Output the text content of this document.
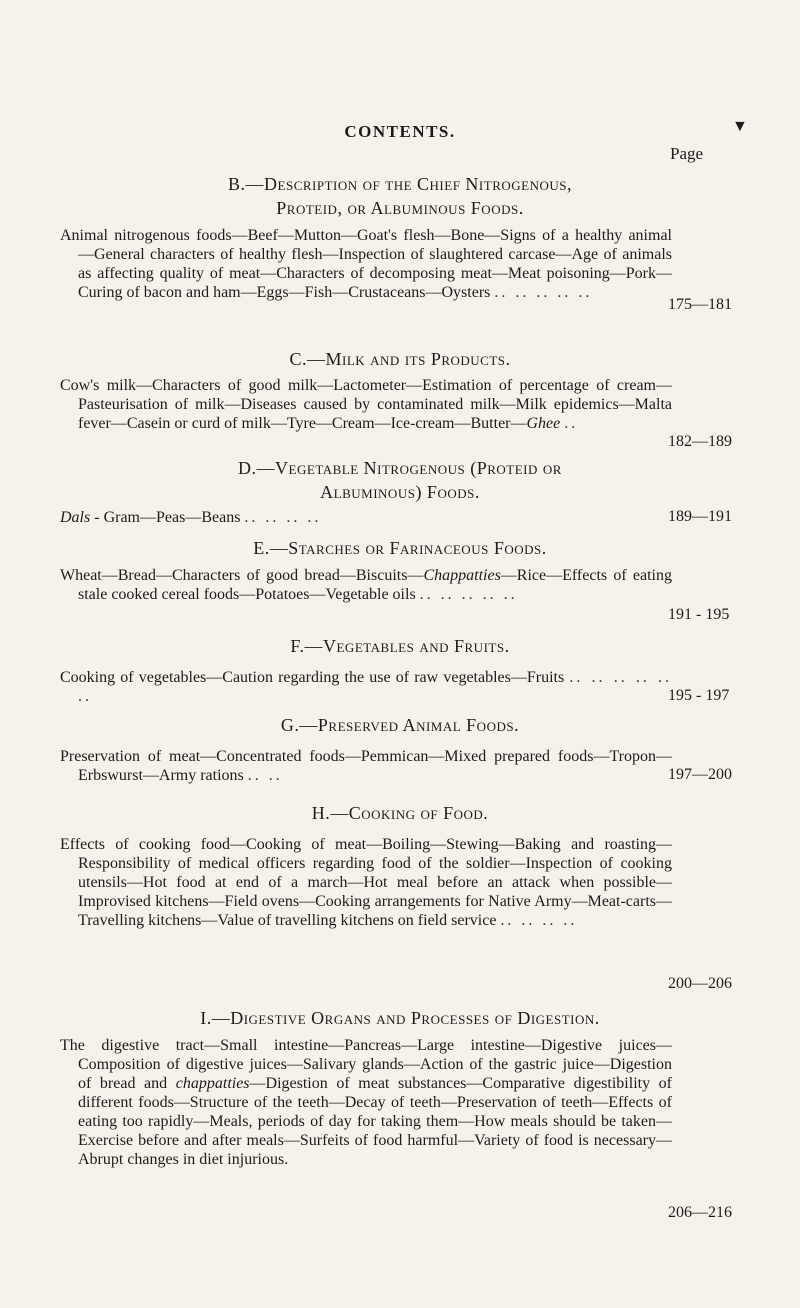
CONTENTS.	▼
Page
B.—Description of the Chief Nitrogenous,
Proteid, or Albuminous Foods.
Animal nitrogenous foods—Beef—Mutton—Goat's flesh—Bone—Signs of a healthy animal—General characters of healthy flesh—Inspection of slaughtered carcase—Age of animals as affecting quality of meat—Characters of decomposing meat—Meat poisoning—Pork—Curing of bacon and ham—Eggs—Fish—Crustaceans—Oysters .. .. .. .. ..
175—181
C.—Milk and its Products.
Cow's milk—Characters of good milk—Lactometer—Estimation of percentage of cream—Pasteurisation of milk—Diseases caused by contaminated milk—Milk epidemics—Malta fever—Casein or curd of milk—Tyre—Cream—Ice-cream—Butter—Ghee ..
182—189
D.—Vegetable Nitrogenous (Proteid or
Albuminous) Foods.
Dals - Gram—Peas—Beans .. .. .. ..	189—191
E.—Starches or Farinaceous Foods.
Wheat—Bread—Characters of good bread—Biscuits—Chappatties—Rice—Effects of eating stale cooked cereal foods—Potatoes—Vegetable oils .. .. .. .. ..
191 - 195
F.—Vegetables and Fruits.
Cooking of vegetables—Caution regarding the use of raw vegetables—Fruits .. .. .. .. .. ..	195 - 197
G.—Preserved Animal Foods.
Preservation of meat—Concentrated foods—Pemmican—Mixed prepared foods—Tropon—Erbswurst—Army rations .. ..	197—200
H.—Cooking of Food.
Effects of cooking food—Cooking of meat—Boiling—Stewing—Baking and roasting—Responsibility of medical officers regarding food of the soldier—Inspection of cooking utensils—Hot food at end of a march—Hot meal before an attack when possible—Improvised kitchens—Field ovens—Cooking arrangements for Native Army—Meat-carts—Travelling kitchens—Value of travelling kitchens on field service .. .. .. ..
200—206
I.—Digestive Organs and Processes of Digestion.
The digestive tract—Small intestine—Pancreas—Large intestine—Digestive juices—Composition of digestive juices—Salivary glands—Action of the gastric juice—Digestion of bread and chappatties—Digestion of meat substances—Comparative digestibility of different foods—Structure of the teeth—Decay of teeth—Preservation of teeth—Effects of eating too rapidly—Meals, periods of day for taking them—How meals should be taken—Exercise before and after meals—Surfeits of food harmful—Variety of food is necessary—Abrupt changes in diet injurious.
206—216
